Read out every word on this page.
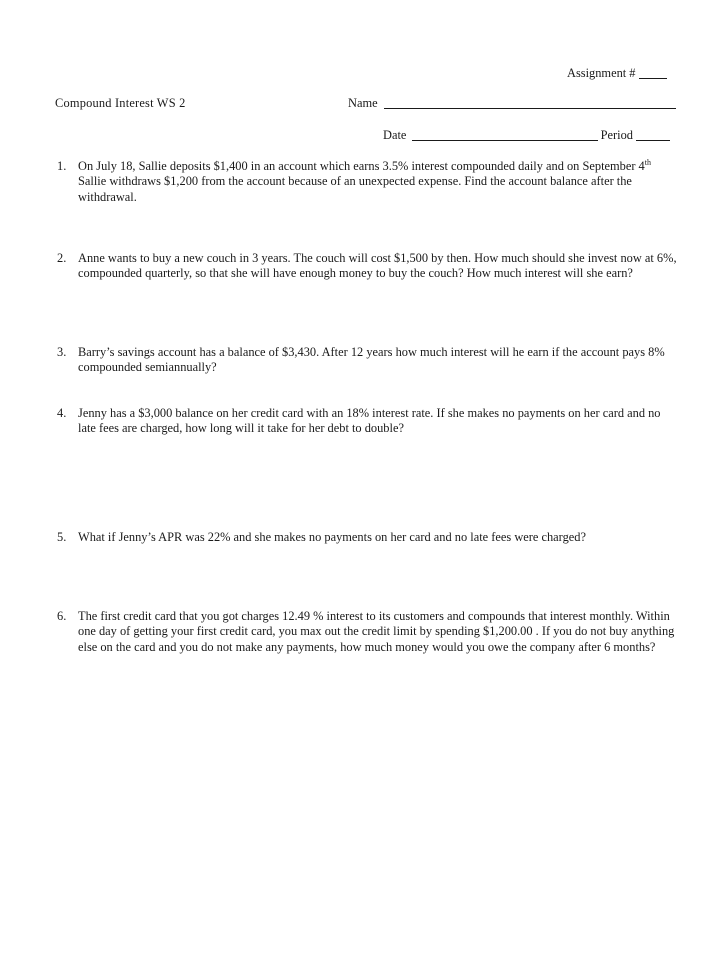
Assignment #
Compound Interest WS 2	Name
Date	Period
1. On July 18, Sallie deposits $1,400 in an account which earns 3.5% interest compounded daily and on September 4th Sallie withdraws $1,200 from the account because of an unexpected expense. Find the account balance after the withdrawal.
2. Anne wants to buy a new couch in 3 years. The couch will cost $1,500 by then. How much should she invest now at 6%, compounded quarterly, so that she will have enough money to buy the couch? How much interest will she earn?
3. Barry’s savings account has a balance of $3,430. After 12 years how much interest will he earn if the account pays 8% compounded semiannually?
4. Jenny has a $3,000 balance on her credit card with an 18% interest rate. If she makes no payments on her card and no late fees are charged, how long will it take for her debt to double?
5. What if Jenny’s APR was 22% and she makes no payments on her card and no late fees were charged?
6. The first credit card that you got charges 12.49 % interest to its customers and compounds that interest monthly. Within one day of getting your first credit card, you max out the credit limit by spending $1,200.00 . If you do not buy anything else on the card and you do not make any payments, how much money would you owe the company after 6 months?
